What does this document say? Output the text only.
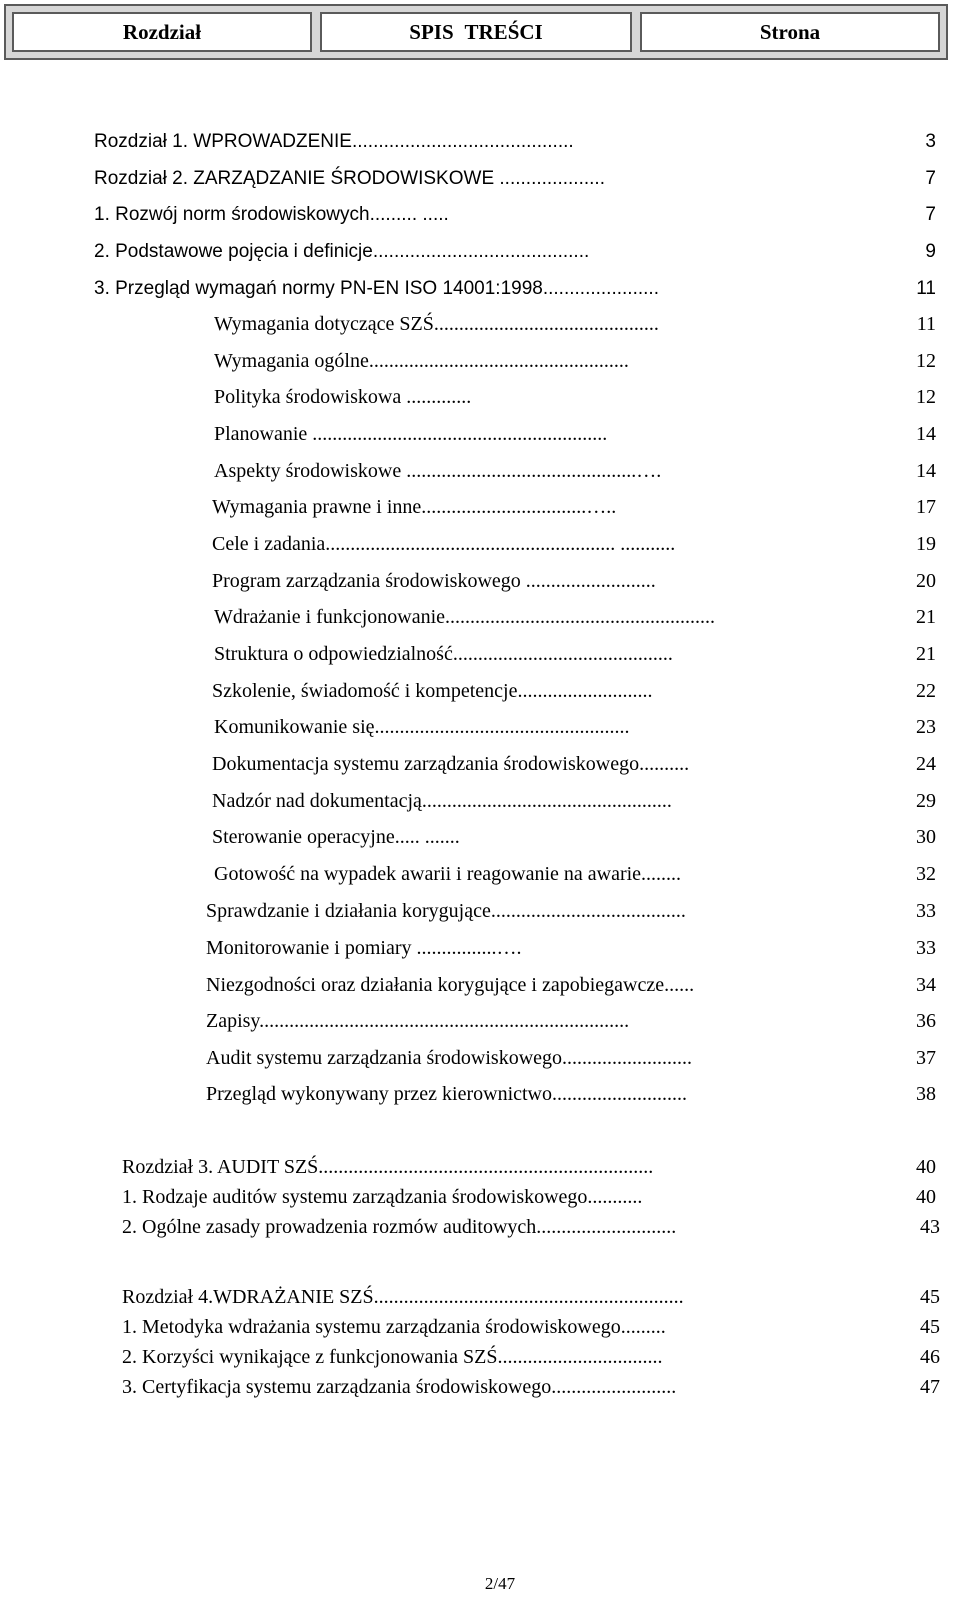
Rozdział	SPIS TREŚCI	Strona
Rozdział 1. WPROWADZENIE..........................................	3
Rozdział 2. ZARZĄDZANIE ŚRODOWISKOWE ....................	7
1. Rozwój norm środowiskowych......... .....	7
2. Podstawowe pojęcia i definicje.........................................	9
3. Przegląd wymagań normy PN-EN ISO 14001:1998......................	11
Wymagania dotyczące SZŚ.............................................	11
Wymagania ogólne....................................................	12
Polityka środowiskowa .............	12
Planowanie ...........................................................	14
Aspekty środowiskowe ..............................................….	14
Wymagania prawne i inne.................................…..	17
Cele i zadania.......................................................... ...........	19
Program zarządzania środowiskowego ..........................	20
Wdrażanie i funkcjonowanie......................................................	21
Struktura o odpowiedzialność............................................	21
Szkolenie, świadomość i kompetencje...........................	22
Komunikowanie się...................................................	23
Dokumentacja systemu zarządzania środowiskowego..........	24
Nadzór nad dokumentacją..................................................	29
Sterowanie operacyjne..... .......	30
Gotowość na wypadek awarii i reagowanie na awarie........	32
Sprawdzanie i działania korygujące.......................................	33
Monitorowanie i pomiary ................….	33
Niezgodności oraz działania korygujące i zapobiegawcze......	34
Zapisy..........................................................................	36
Audit systemu zarządzania środowiskowego..........................	37
Przegląd wykonywany przez kierownictwo...........................	38
Rozdział 3. AUDIT SZŚ...................................................................	40
1. Rodzaje auditów systemu zarządzania środowiskowego...........	40
2. Ogólne zasady prowadzenia rozmów auditowych............................	43
Rozdział 4.WDRAŻANIE SZŚ..............................................................	45
1. Metodyka wdrażania systemu zarządzania środowiskowego.........	45
2. Korzyści wynikające z funkcjonowania SZŚ.................................	46
3. Certyfikacja systemu zarządzania środowiskowego.........................	47
2/47
